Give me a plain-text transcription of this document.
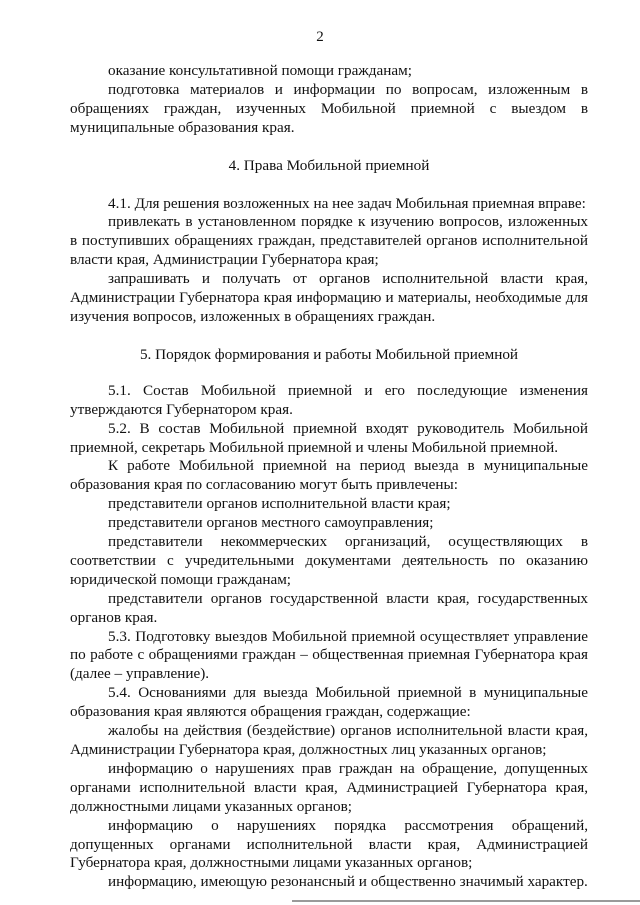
2

оказание консультативной помощи гражданам;

подготовка материалов и информации по вопросам, изложенным в обращениях граждан, изученных Мобильной приемной с выездом в муниципальные образования края.

4. Права Мобильной приемной

4.1. Для решения возложенных на нее задач Мобильная приемная вправе:

привлекать в установленном порядке к изучению вопросов, изложенных в поступивших обращениях граждан, представителей органов исполнительной власти края, Администрации Губернатора края;

запрашивать и получать от органов исполнительной власти края, Администрации Губернатора края информацию и материалы, необходимые для изучения вопросов, изложенных в обращениях граждан.

5. Порядок формирования и работы Мобильной приемной

5.1. Состав Мобильной приемной и его последующие изменения утверждаются Губернатором края.

5.2. В состав Мобильной приемной входят руководитель Мобильной приемной, секретарь Мобильной приемной и члены Мобильной приемной.

К работе Мобильной приемной на период выезда в муниципальные образования края по согласованию могут быть привлечены:

представители органов исполнительной власти края;

представители органов местного самоуправления;

представители некоммерческих организаций, осуществляющих в соответствии с учредительными документами деятельность по оказанию юридической помощи гражданам;

представители органов государственной власти края, государственных органов края.

5.3. Подготовку выездов Мобильной приемной осуществляет управление по работе с обращениями граждан – общественная приемная Губернатора края (далее – управление).

5.4. Основаниями для выезда Мобильной приемной в муниципальные образования края являются обращения граждан, содержащие:

жалобы на действия (бездействие) органов исполнительной власти края, Администрации Губернатора края, должностных лиц указанных органов;

информацию о нарушениях прав граждан на обращение, допущенных органами исполнительной власти края, Администрацией Губернатора края, должностными лицами указанных органов;

информацию о нарушениях порядка рассмотрения обращений, допущенных органами исполнительной власти края, Администрацией Губернатора края, должностными лицами указанных органов;

информацию, имеющую резонансный и общественно значимый характер.
